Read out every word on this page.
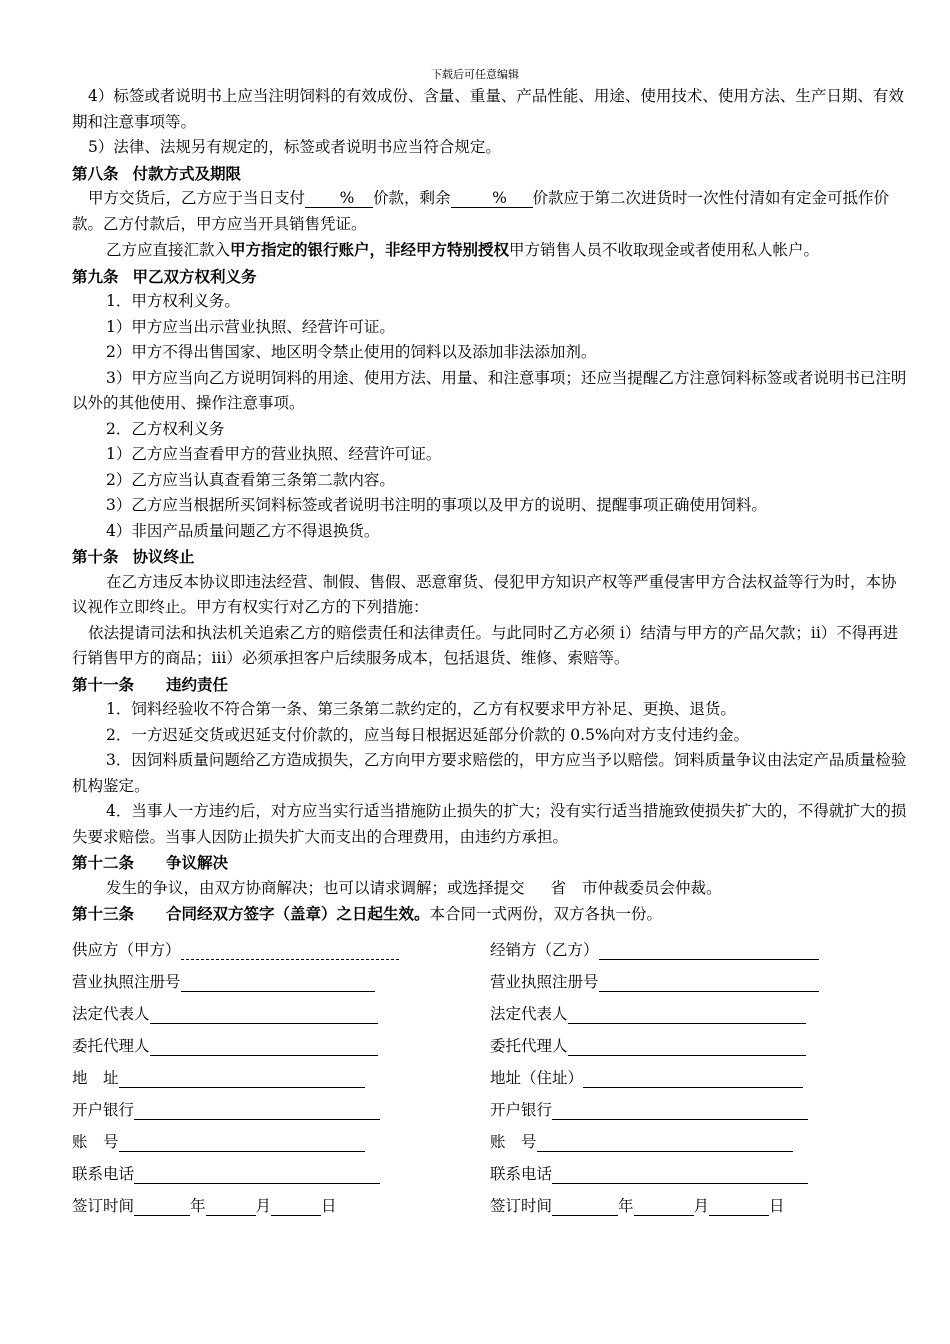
下载后可任意编辑

4）标签或者说明书上应当注明饲料的有效成份、含量、重量、产品性能、用途、使用技术、使用方法、生产日期、有效期和注意事项等。

5）法律、法规另有规定的，标签或者说明书应当符合规定。

第八条 付款方式及期限

甲方交货后，乙方应于当日支付 % 价款，剩余	% 价款应于第二次进货时一次性付清如有定金可抵作价款。乙方付款后，甲方应当开具销售凭证。

乙方应直接汇款入甲方指定的银行账户，非经甲方特别授权甲方销售人员不收取现金或者使用私人帐户。

第九条 甲乙双方权利义务

1．甲方权利义务。

1）甲方应当出示营业执照、经营许可证。

2）甲方不得出售国家、地区明令禁止使用的饲料以及添加非法添加剂。

3）甲方应当向乙方说明饲料的用途、使用方法、用量、和注意事项；还应当提醒乙方注意饲料标签或者说明书已注明以外的其他使用、操作注意事项。

2．乙方权利义务

1）乙方应当查看甲方的营业执照、经营许可证。

2）乙方应当认真查看第三条第二款内容。

3）乙方应当根据所买饲料标签或者说明书注明的事项以及甲方的说明、提醒事项正确使用饲料。

4）非因产品质量问题乙方不得退换货。

第十条 协议终止

在乙方违反本协议即违法经营、制假、售假、恶意窜货、侵犯甲方知识产权等严重侵害甲方合法权益等行为时，本协议视作立即终止。甲方有权实行对乙方的下列措施：

依法提请司法和执法机关追索乙方的赔偿责任和法律责任。与此同时乙方必须 i）结清与甲方的产品欠款；ii）不得再进行销售甲方的商品；iii）必须承担客户后续服务成本，包括退货、维修、索赔等。

第十一条 违约责任

1．饲料经验收不符合第一条、第三条第二款约定的，乙方有权要求甲方补足、更换、退货。

2．一方迟延交货或迟延支付价款的，应当每日根据迟延部分价款的 0.5%向对方支付违约金。

3．因饲料质量问题给乙方造成损失，乙方向甲方要求赔偿的，甲方应当予以赔偿。饲料质量争议由法定产品质量检验机构鉴定。

4．当事人一方违约后，对方应当实行适当措施防止损失的扩大；没有实行适当措施致使损失扩大的，不得就扩大的损失要求赔偿。当事人因防止损失扩大而支出的合理费用，由违约方承担。

第十二条 争议解决

发生的争议，由双方协商解决；也可以请求调解；或选择提交 省 市仲裁委员会仲裁。

第十三条 合同经双方签字（盖章）之日起生效。本合同一式两份，双方各执一份。

供应方（甲方）	经销方（乙方）
营业执照注册号	营业执照注册号
法定代表人	法定代表人
委托代理人	委托代理人
地　址	地址（住址）
开户银行	开户银行
账　号	账　号
联系电话	联系电话
签订时间	年	月	日	签订时间	年	月	日
